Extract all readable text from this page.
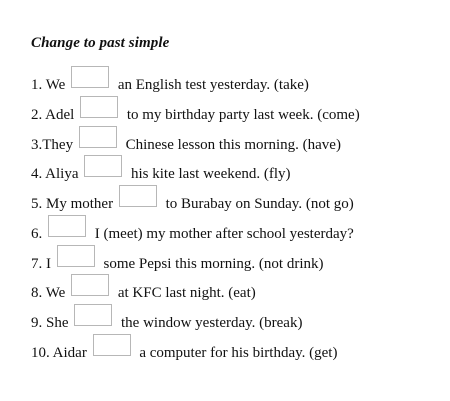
Change to past simple
1. We	an English test yesterday. (take)
2. Adel	to my birthday party last week. (come)
3.They	Chinese lesson this morning. (have)
4. Aliya	his kite last weekend. (fly)
5. My mother	to Burabay on Sunday. (not go)
6.	I (meet) my mother after school yesterday?
7. I	some Pepsi this morning. (not drink)
8. We	at KFC last night. (eat)
9. She	the window yesterday. (break)
10. Aidar	a computer for his birthday. (get)
